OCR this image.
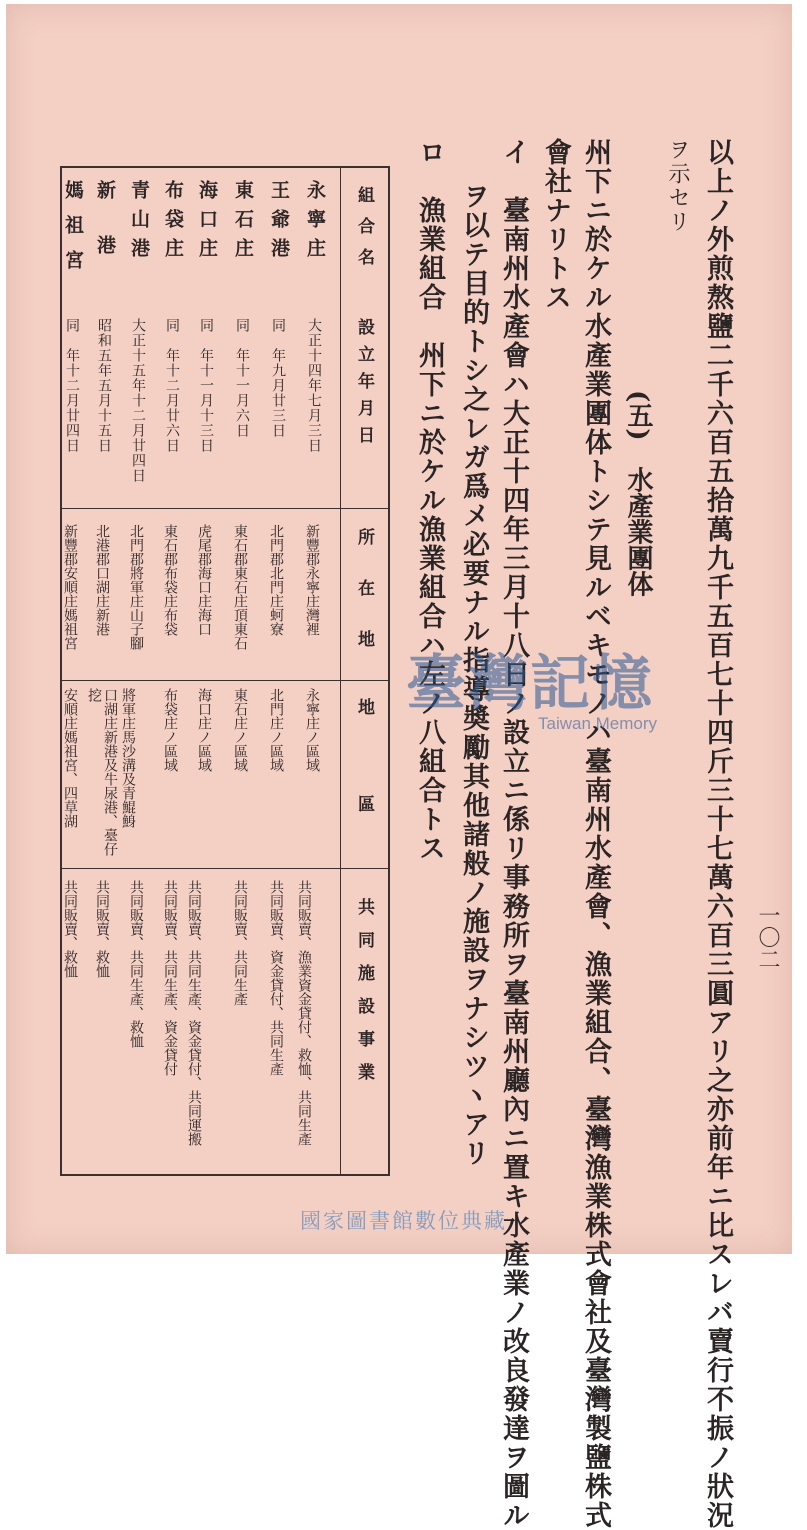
一〇二
以上ノ外煎熬鹽二千六百五拾萬九千五百七十四斤三十七萬六百三圓アリ之亦前年ニ比スレバ賣行不振ノ狀況
ヲ示セリ
(五)　水產業團体
州下ニ於ケル水產業團体トシテ見ルベキモノハ臺南州水產會、漁業組合、臺灣漁業株式會社及臺灣製鹽株式
會社ナリトス
イ　臺南州水產會ハ大正十四年三月十八日ノ設立ニ係リ事務所ヲ臺南州廳內ニ置キ水產業ノ改良發達ヲ圖ル
ヲ以テ目的トシ之レガ爲メ必要ナル指導奬勵其他諸般ノ施設ヲナシツヽアリ
ロ　漁業組合　州下ニ於ケル漁業組合ハ左ノ八組合トス
組合名
設立年月日
所在地
地區
共同施設事業
永寧庄
大正十四年七月三日
新豐郡永寧庄灣裡
永寧庄ノ區域
共同販賣、漁業資金貸付、救恤、共同生產
王爺港
同　年九月廿三日
北門郡北門庄蚵寮
北門庄ノ區域
共同販賣、資金貸付、共同生產
東石庄
同　年十一月六日
東石郡東石庄頂東石
東石庄ノ區域
共同販賣、共同生產
海口庄
同　年十一月十三日
虎尾郡海口庄海口
海口庄ノ區域
共同販賣、共同生產、資金貸付、共同運搬
布袋庄
同　年十二月廿六日
東石郡布袋庄布袋
布袋庄ノ區域
共同販賣、共同生產、資金貸付
青山港
大正十五年十二月廿四日
北門郡將軍庄山子腳
將軍庄馬沙溝及青鯤鯓
共同販賣、共同生產、救恤
新港
昭和五年五月十五日
北港郡口湖庄新港
口湖庄新港及牛尿港、臺仔挖
共同販賣、救恤
媽祖宮
同　年十二月廿四日
新豐郡安順庄媽祖宮
安順庄媽祖宮、四草湖
共同販賣、救恤
臺灣記憶
Taiwan Memory
國家圖書館數位典藏
